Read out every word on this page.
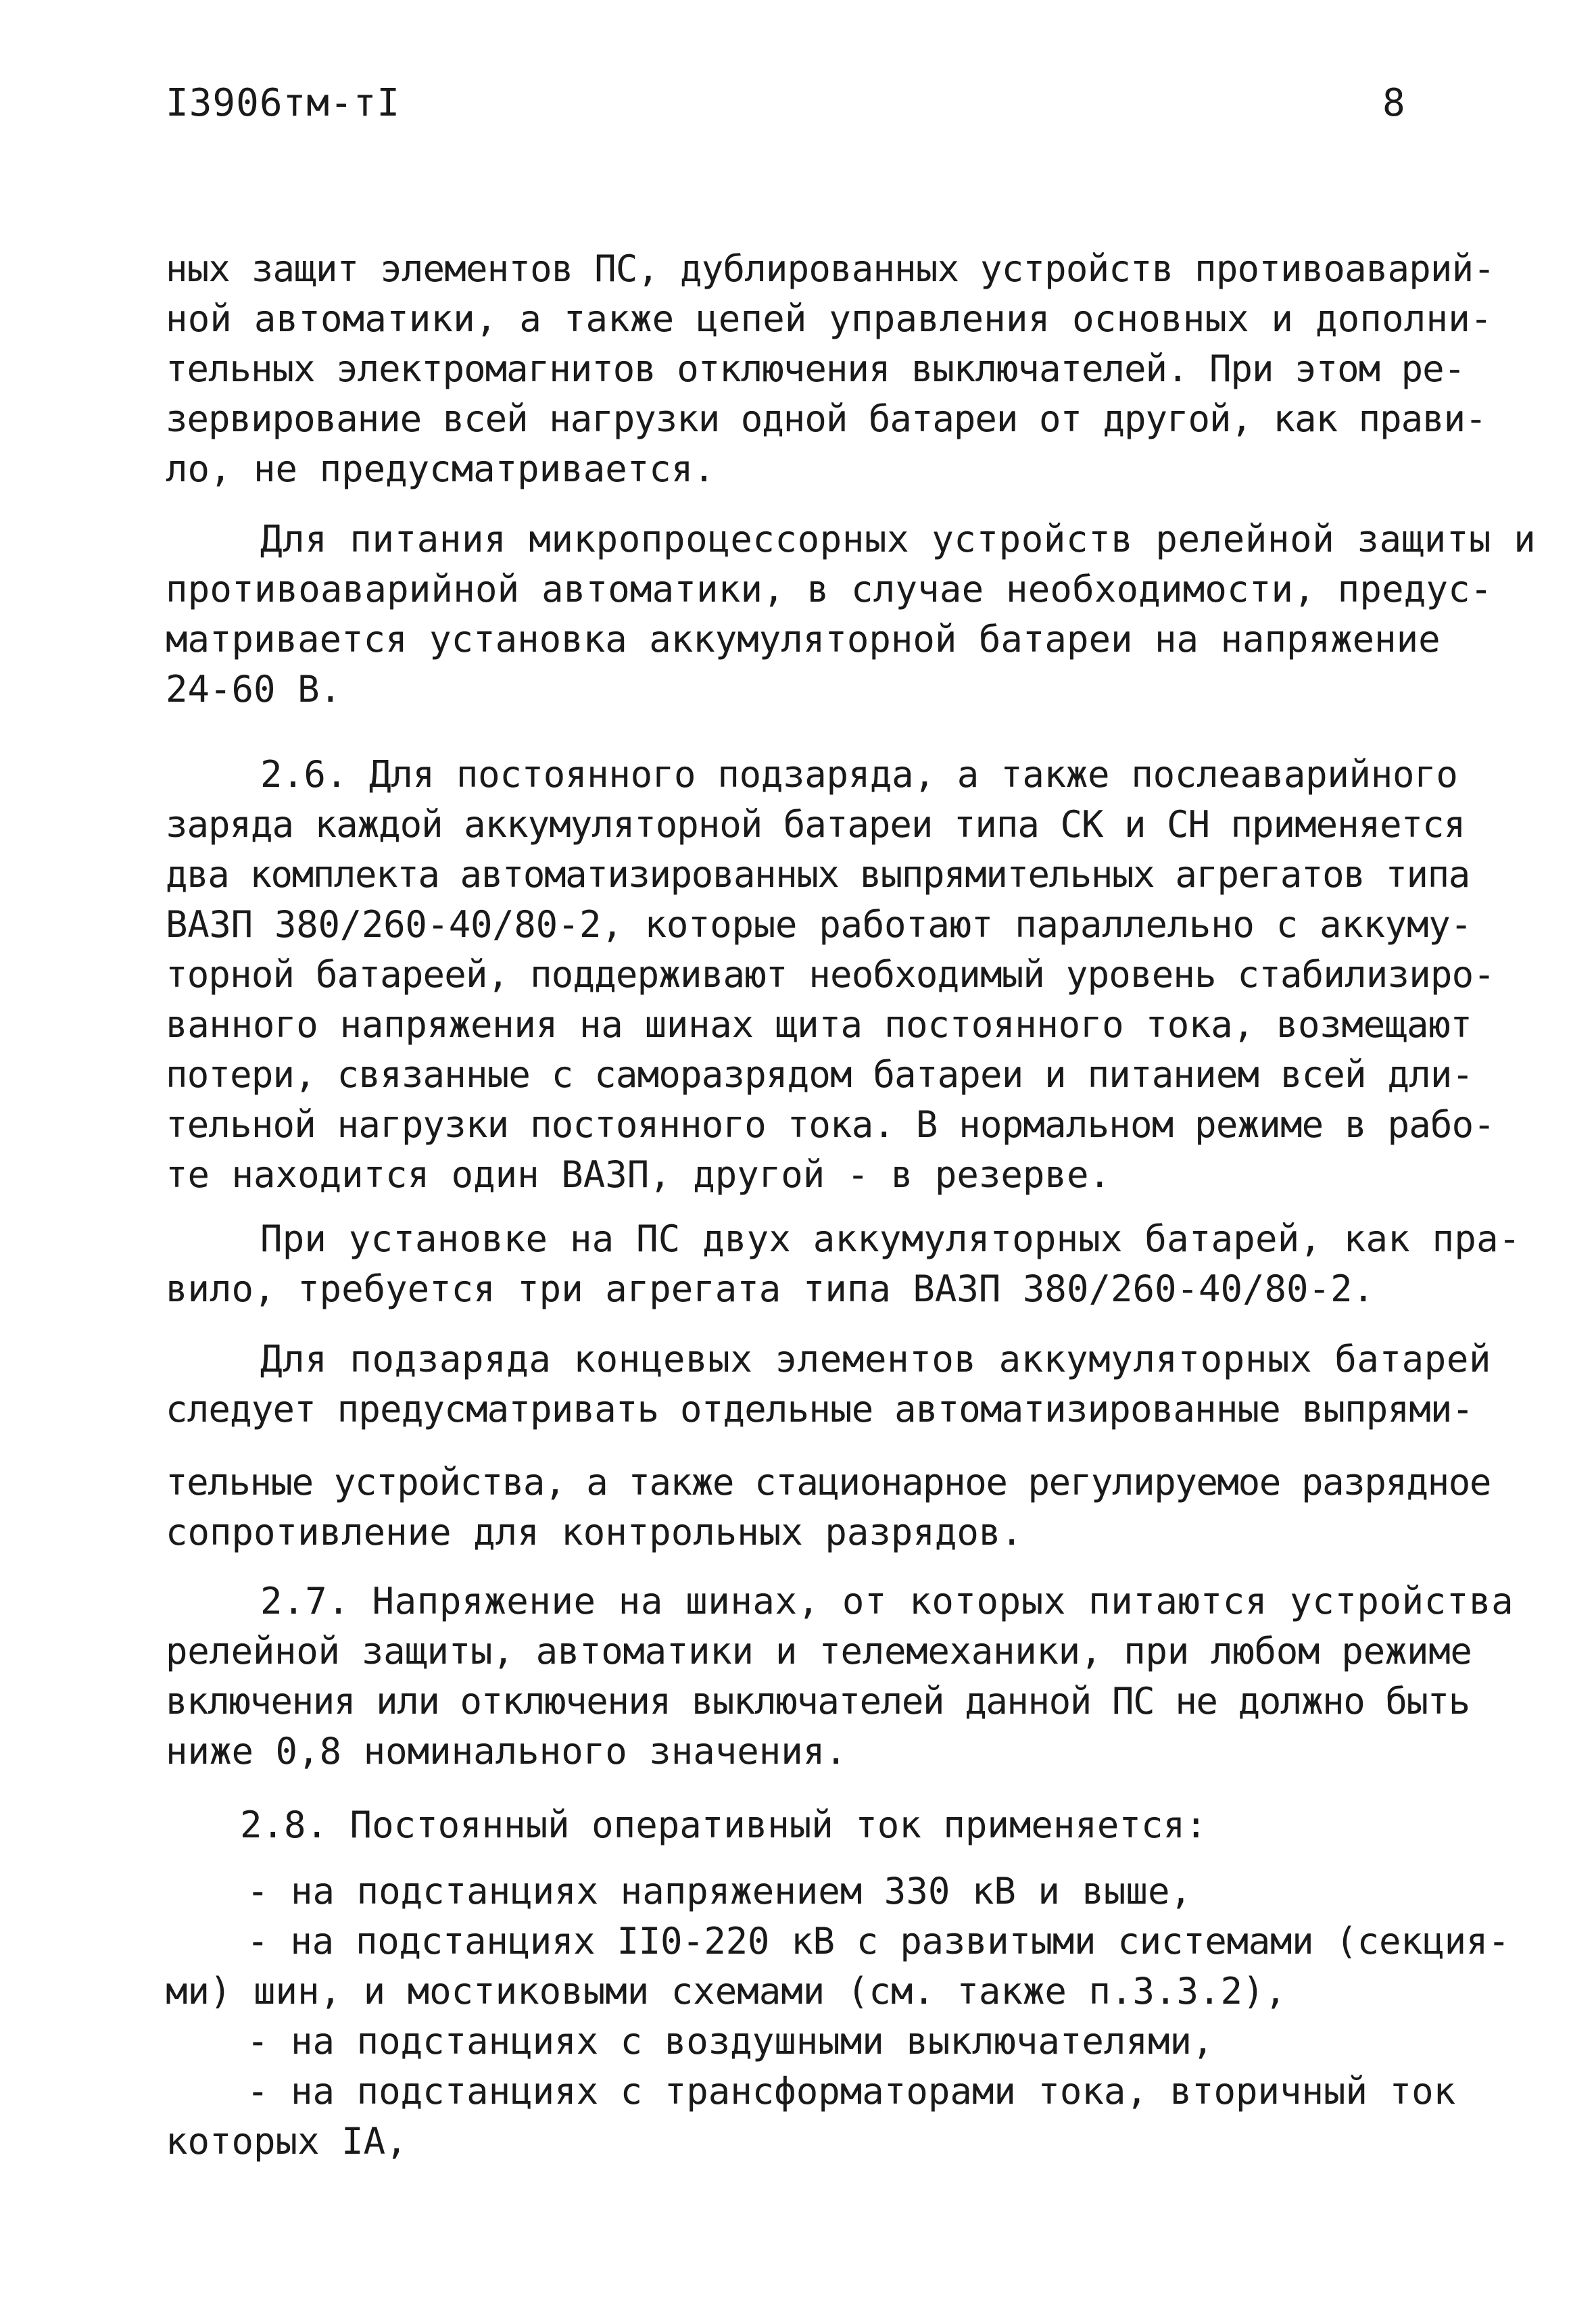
I3906тм-тI	8
ных защит элементов ПС, дублированных устройств противоаварий-
ной автоматики, а также цепей управления основных и дополни-
тельных электромагнитов отключения выключателей. При этом ре-
зервирование всей нагрузки одной батареи от другой, как прави-
ло, не предусматривается.
Для питания микропроцессорных устройств релейной защиты и
противоаварийной автоматики, в случае необходимости, предус-
матривается установка аккумуляторной батареи на напряжение
24-60 В.
2.6. Для постоянного подзаряда, а также послеаварийного
заряда каждой аккумуляторной батареи типа СК и СН применяется
два комплекта автоматизированных выпрямительных агрегатов типа
ВАЗП 380/260-40/80-2, которые работают параллельно с аккуму-
торной батареей, поддерживают необходимый уровень стабилизиро-
ванного напряжения на шинах щита постоянного тока, возмещают
потери, связанные с саморазрядом батареи и питанием всей дли-
тельной нагрузки постоянного тока. В нормальном режиме в рабо-
те находится один ВАЗП, другой - в резерве.
При установке на ПС двух аккумуляторных батарей, как пра-
вило, требуется три агрегата типа ВАЗП 380/260-40/80-2.
Для подзаряда концевых элементов аккумуляторных батарей
следует предусматривать отдельные автоматизированные выпрями-
тельные устройства, а также стационарное регулируемое разрядное
сопротивление для контрольных разрядов.
2.7. Напряжение на шинах, от которых питаются устройства
релейной защиты, автоматики и телемеханики, при любом режиме
включения или отключения выключателей данной ПС не должно быть
ниже 0,8 номинального значения.
2.8. Постоянный оперативный ток применяется:
- на подстанциях напряжением 330 кВ и выше,
- на подстанциях II0-220 кВ с развитыми системами (секция-
ми) шин, и мостиковыми схемами (см. также п.3.3.2),
- на подстанциях с воздушными выключателями,
- на подстанциях с трансформаторами тока, вторичный ток
которых IA,
